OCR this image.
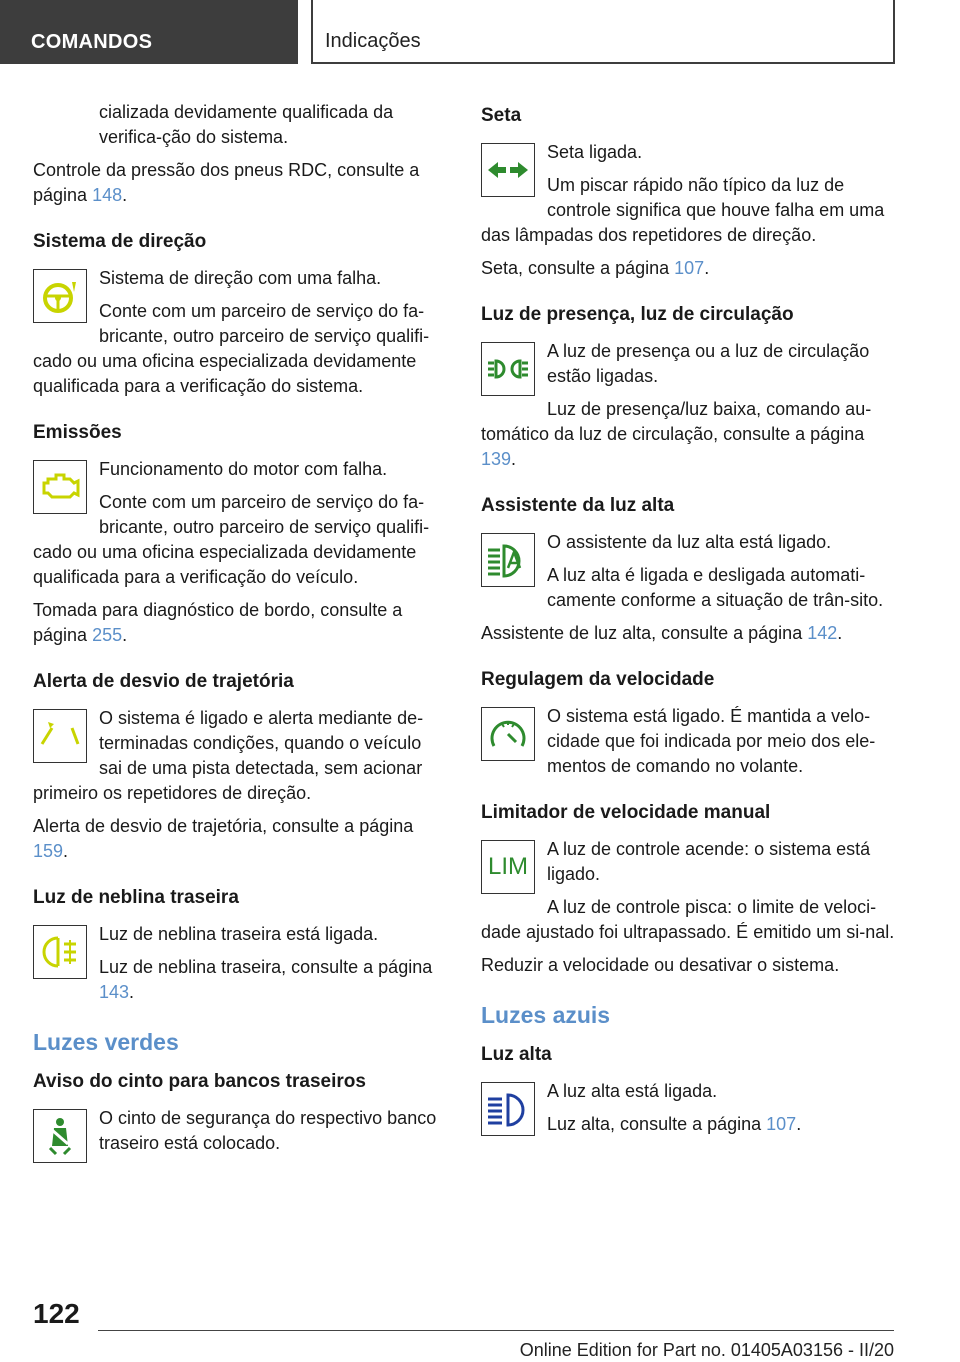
COMANDOS	Indicações

cializada devidamente qualificada da verifica-ção do sistema.

Controle da pressão dos pneus RDC, consulte a página 148.

Sistema de direção

Sistema de direção com uma falha.

Conte com um parceiro de serviço do fa-bricante, outro parceiro de serviço qualifi-cado ou uma oficina especializada devidamente qualificada para a verificação do sistema.

Emissões

Funcionamento do motor com falha.

Conte com um parceiro de serviço do fa-bricante, outro parceiro de serviço qualifi-cado ou uma oficina especializada devidamente qualificada para a verificação do veículo.

Tomada para diagnóstico de bordo, consulte a página 255.

Alerta de desvio de trajetória

O sistema é ligado e alerta mediante de-terminadas condições, quando o veículo sai de uma pista detectada, sem acionar primeiro os repetidores de direção.

Alerta de desvio de trajetória, consulte a página 159.

Luz de neblina traseira

Luz de neblina traseira está ligada.

Luz de neblina traseira, consulte a página 143.

Luzes verdes
Aviso do cinto para bancos traseiros

O cinto de segurança do respectivo banco traseiro está colocado.

Seta

Seta ligada.

Um piscar rápido não típico da luz de controle significa que houve falha em uma das lâmpadas dos repetidores de direção.

Seta, consulte a página 107.

Luz de presença, luz de circulação

A luz de presença ou a luz de circulação estão ligadas.

Luz de presença/luz baixa, comando au-tomático da luz de circulação, consulte a página 139.

Assistente da luz alta

O assistente da luz alta está ligado.

A luz alta é ligada e desligada automati-camente conforme a situação de trân-sito.

Assistente de luz alta, consulte a página 142.

Regulagem da velocidade

O sistema está ligado. É mantida a velo-cidade que foi indicada por meio dos ele-mentos de comando no volante.

Limitador de velocidade manual
LIM

A luz de controle acende: o sistema está ligado.

A luz de controle pisca: o limite de veloci-dade ajustado foi ultrapassado. É emitido um si-nal.

Reduzir a velocidade ou desativar o sistema.

Luzes azuis
Luz alta

A luz alta está ligada.

Luz alta, consulte a página 107.

122
Online Edition for Part no. 01405A03156 - II/20
